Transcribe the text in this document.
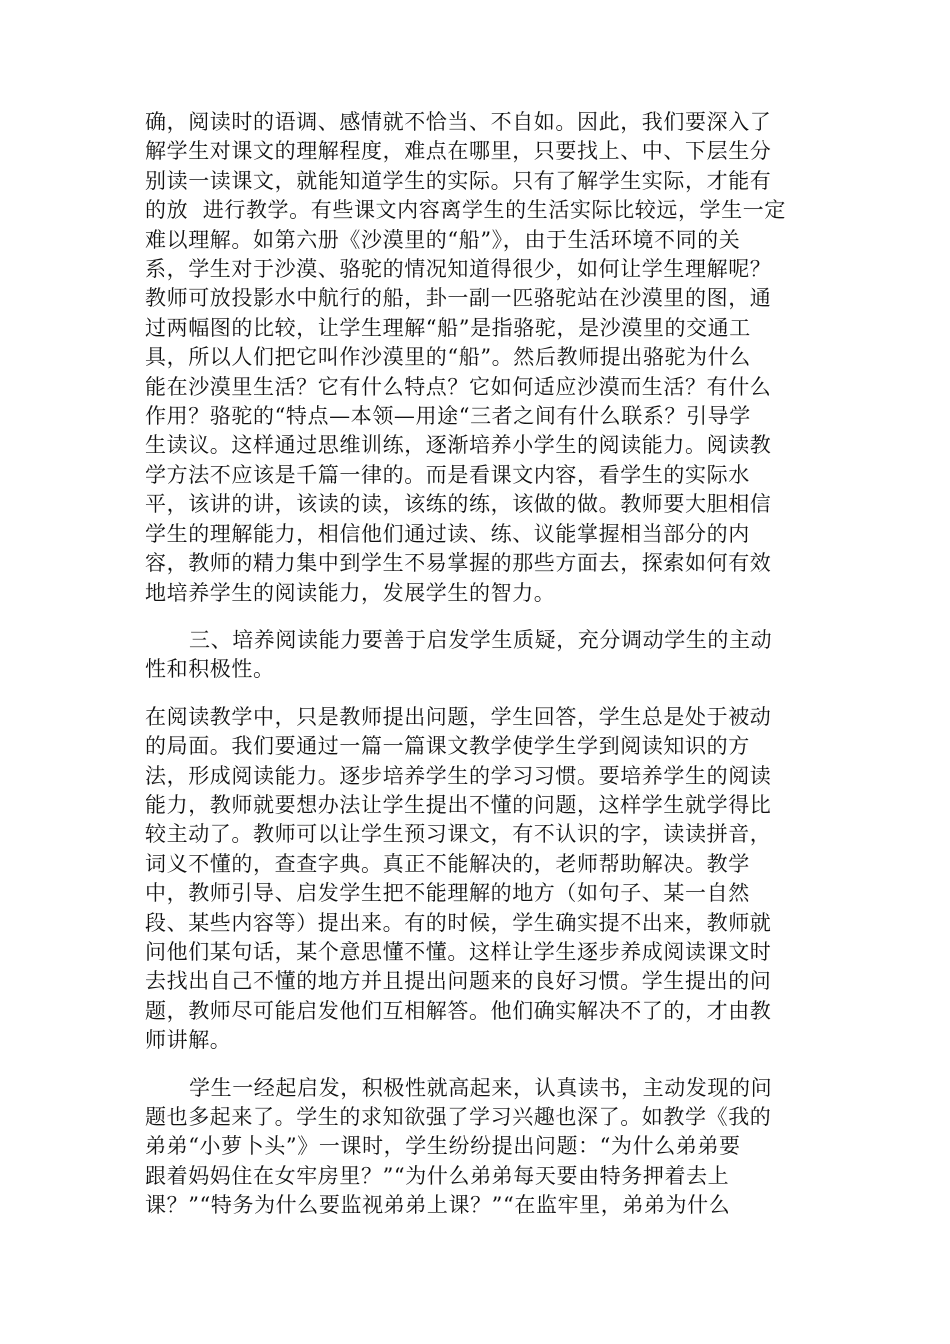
确，阅读时的语调、感情就不恰当、不自如。因此，我们要深入了
解学生对课文的理解程度，难点在哪里，只要找上、中、下层生分
别读一读课文，就能知道学生的实际。只有了解学生实际，才能有
的放  进行教学。有些课文内容离学生的生活实际比较远，学生一定
难以理解。如第六册《沙漠里的“船”》，由于生活环境不同的关
系，学生对于沙漠、骆驼的情况知道得很少，如何让学生理解呢？
教师可放投影水中航行的船，卦一副一匹骆驼站在沙漠里的图，通
过两幅图的比较，让学生理解“船”是指骆驼，是沙漠里的交通工
具，所以人们把它叫作沙漠里的“船”。然后教师提出骆驼为什么
能在沙漠里生活？它有什么特点？它如何适应沙漠而生活？有什么
作用？骆驼的“特点—本领—用途“三者之间有什么联系？引导学
生读议。这样通过思维训练，逐渐培养小学生的阅读能力。阅读教
学方法不应该是千篇一律的。而是看课文内容，看学生的实际水
平，该讲的讲，该读的读，该练的练，该做的做。教师要大胆相信
学生的理解能力，相信他们通过读、练、议能掌握相当部分的内
容，教师的精力集中到学生不易掌握的那些方面去，探索如何有效
地培养学生的阅读能力，发展学生的智力。

三、培养阅读能力要善于启发学生质疑，充分调动学生的主动
性和积极性。

在阅读教学中，只是教师提出问题，学生回答，学生总是处于被动
的局面。我们要通过一篇一篇课文教学使学生学到阅读知识的方
法，形成阅读能力。逐步培养学生的学习习惯。要培养学生的阅读
能力，教师就要想办法让学生提出不懂的问题，这样学生就学得比
较主动了。教师可以让学生预习课文，有不认识的字，读读拼音，
词义不懂的，查查字典。真正不能解决的，老师帮助解决。教学
中，教师引导、启发学生把不能理解的地方（如句子、某一自然
段、某些内容等）提出来。有的时候，学生确实提不出来，教师就
问他们某句话，某个意思懂不懂。这样让学生逐步养成阅读课文时
去找出自己不懂的地方并且提出问题来的良好习惯。学生提出的问
题，教师尽可能启发他们互相解答。他们确实解决不了的，才由教
师讲解。

学生一经起启发，积极性就高起来，认真读书，主动发现的问
题也多起来了。学生的求知欲强了学习兴趣也深了。如教学《我的
弟弟“小萝卜头”》一课时，学生纷纷提出问题：“为什么弟弟要
跟着妈妈住在女牢房里？”“为什么弟弟每天要由特务押着去上
课？”“特务为什么要监视弟弟上课？”“在监牢里，弟弟为什么
